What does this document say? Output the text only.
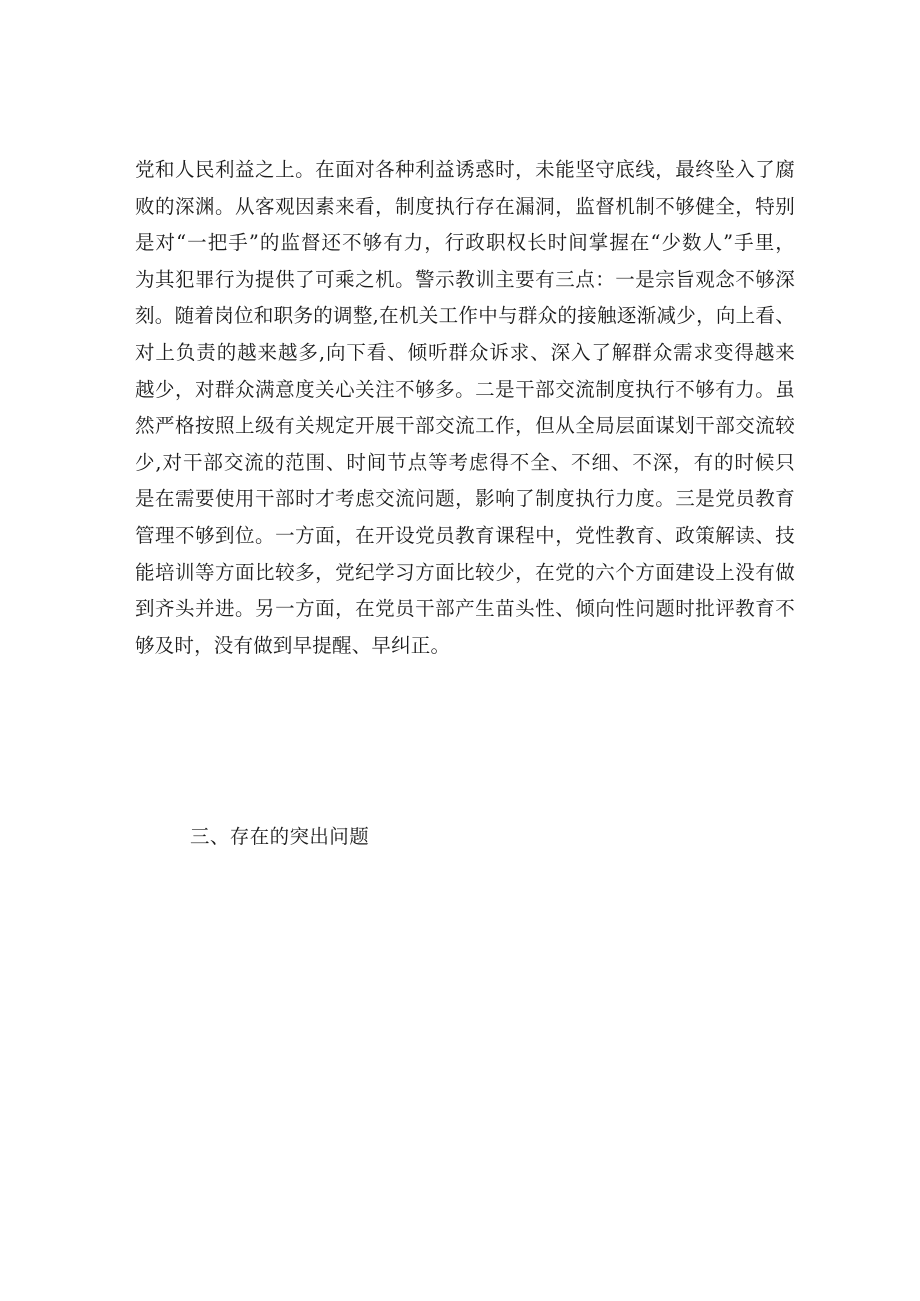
党和人民利益之上。在面对各种利益诱惑时，未能坚守底线，最终坠入了腐
败的深渊。从客观因素来看，制度执行存在漏洞，监督机制不够健全，特别
是对“一把手”的监督还不够有力，行政职权长时间掌握在“少数人”手里，
为其犯罪行为提供了可乘之机。警示教训主要有三点：一是宗旨观念不够深
刻。随着岗位和职务的调整,在机关工作中与群众的接触逐渐减少，向上看、
对上负责的越来越多,向下看、倾听群众诉求、深入了解群众需求变得越来
越少，对群众满意度关心关注不够多。二是干部交流制度执行不够有力。虽
然严格按照上级有关规定开展干部交流工作，但从全局层面谋划干部交流较
少,对干部交流的范围、时间节点等考虑得不全、不细、不深，有的时候只
是在需要使用干部时才考虑交流问题，影响了制度执行力度。三是党员教育
管理不够到位。一方面，在开设党员教育课程中，党性教育、政策解读、技
能培训等方面比较多，党纪学习方面比较少，在党的六个方面建设上没有做
到齐头并进。另一方面，在党员干部产生苗头性、倾向性问题时批评教育不
够及时，没有做到早提醒、早纠正。
三、存在的突出问题
